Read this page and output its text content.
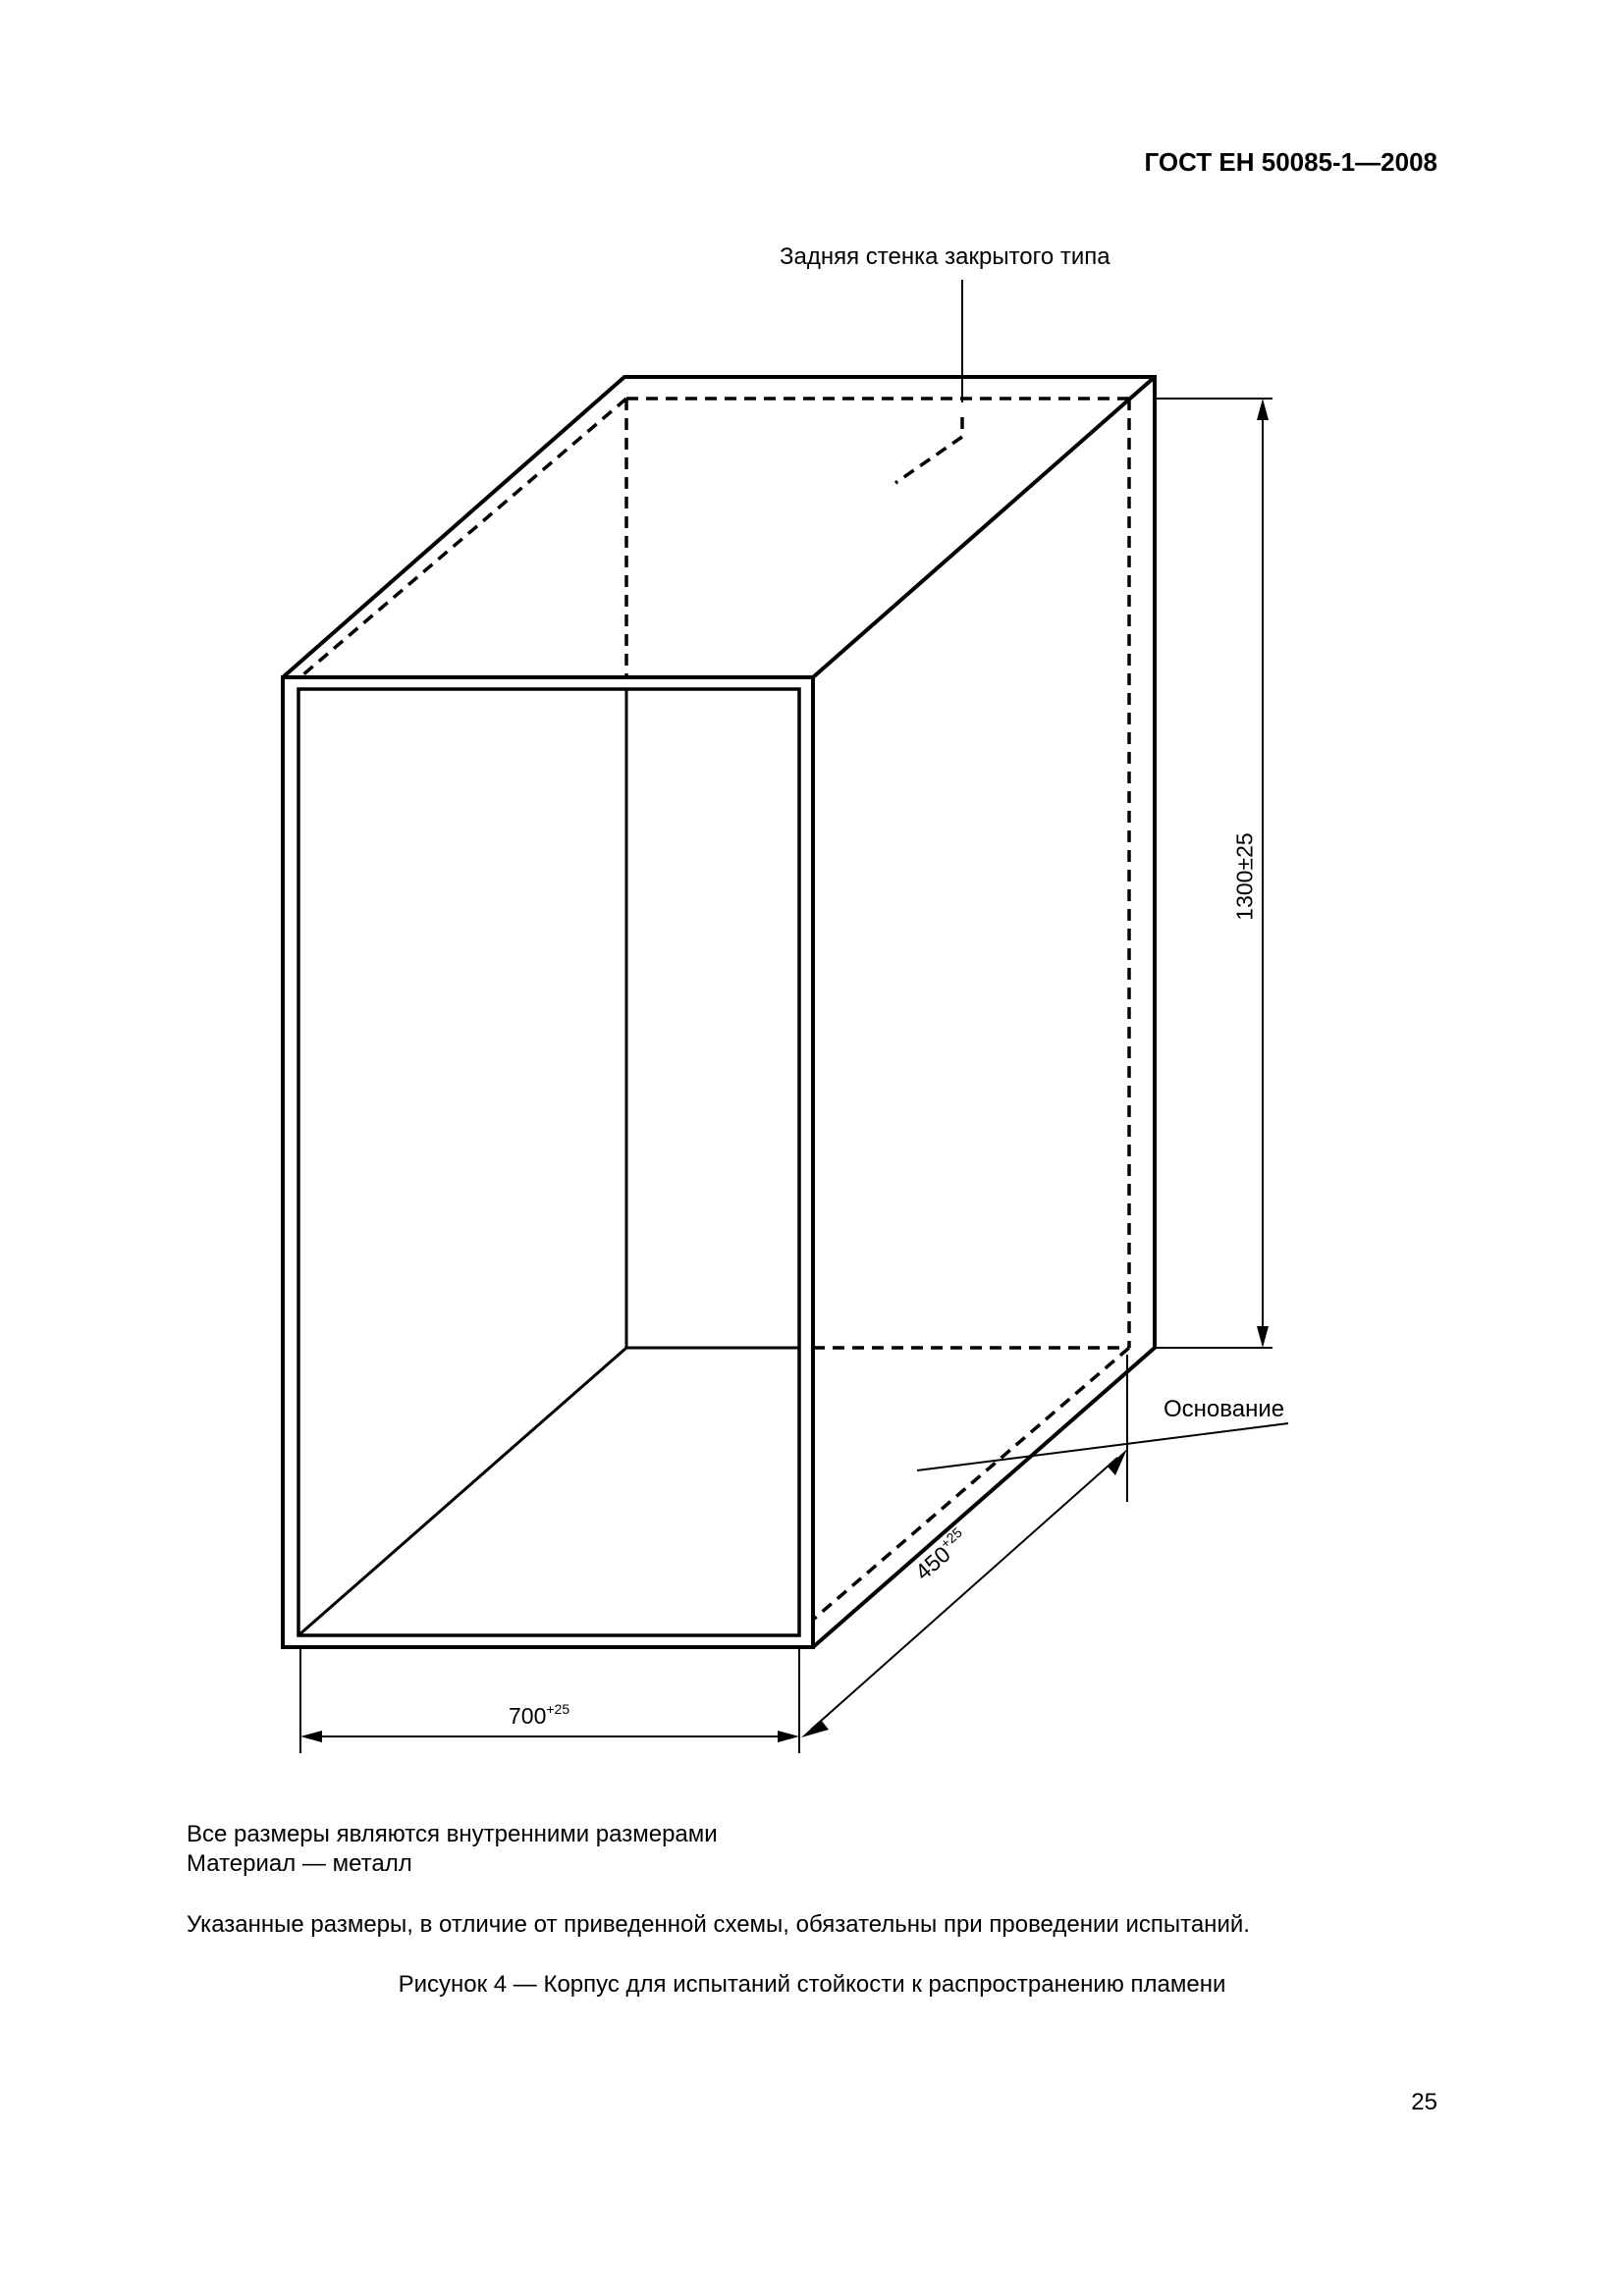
ГОСТ ЕН 50085-1—2008
Задняя стенка закрытого типа
Основание
1300±25
$700^{+25}$
$450^{+25}$
Все размеры являются внутренними размерами
Материал — металл
Указанные размеры, в отличие от приведенной схемы, обязательны при проведении испытаний.
Рисунок 4 — Корпус для испытаний стойкости к распространению пламени
25
